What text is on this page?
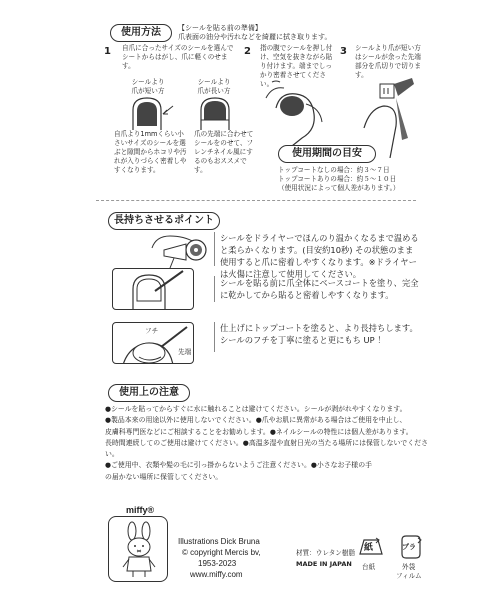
使用方法	【シールを貼る前の準備】
爪表面の油分や汚れなどを綺麗に拭き取ります。
1 自爪に合ったサイズのシールを選んでシートからはがし、爪に軽くのせます。
2 指の腹でシールを押し付け、空気を抜きながら貼り付けます。端までしっかり密着させてください。
3 シールより爪が短い方はシールが余った先端部分を爪切りで切ります。
シールより
爪が短い方
シールより
爪が長い方
自爪より1mmくらい小さいサイズのシールを選ぶと隙間からホコリや汚れが入りづらく密着しやすくなります。
爪の先端に合わせてシールをのせて、フレンチネイル風にするのもおススメです。
使用期間の目安
トップコートなしの場合：約３〜７日
トップコートありの場合：約５〜１０日
（使用状況によって個人差があります。）
長持ちさせるポイント
シールをドライヤーでほんのり温かくなるまで温めると柔らかくなります。(目安約10秒) その状態のまま使用すると爪に密着しやすくなります。※ドライヤーは火傷に注意して使用してください。
シールを貼る前に爪全体にベースコートを塗り、完全に乾かしてから貼ると密着しやすくなります。
フチ
先端
仕上げにトップコートを塗ると、より長持ちします。シールのフチを丁寧に塗ると更にもち UP ！
使用上の注意
●シールを貼ってからすぐに水に触れることは避けてください。シールが剥がれやすくなります。
●製品本来の用途以外に使用しないでください。●爪やお肌に異常がある場合はご使用を中止し、
皮膚科専門医などにご相談することをお勧めします。●ネイルシールの特性には個人差があります。
長時間連続してのご使用は避けてください。●高温多湿や直射日光の当たる場所には保管しないでください。
●ご使用中、衣類や髪の毛に引っ掛からないようご注意ください。●小さなお子様の手
の届かない場所に保管してください。
miffy®
Illustrations Dick Bruna
© copyright Mercis bv,
1953-2023
www.miffy.com
材質：ウレタン樹脂
MADE IN JAPAN
紙
台紙
プラ
外袋
フィルム
